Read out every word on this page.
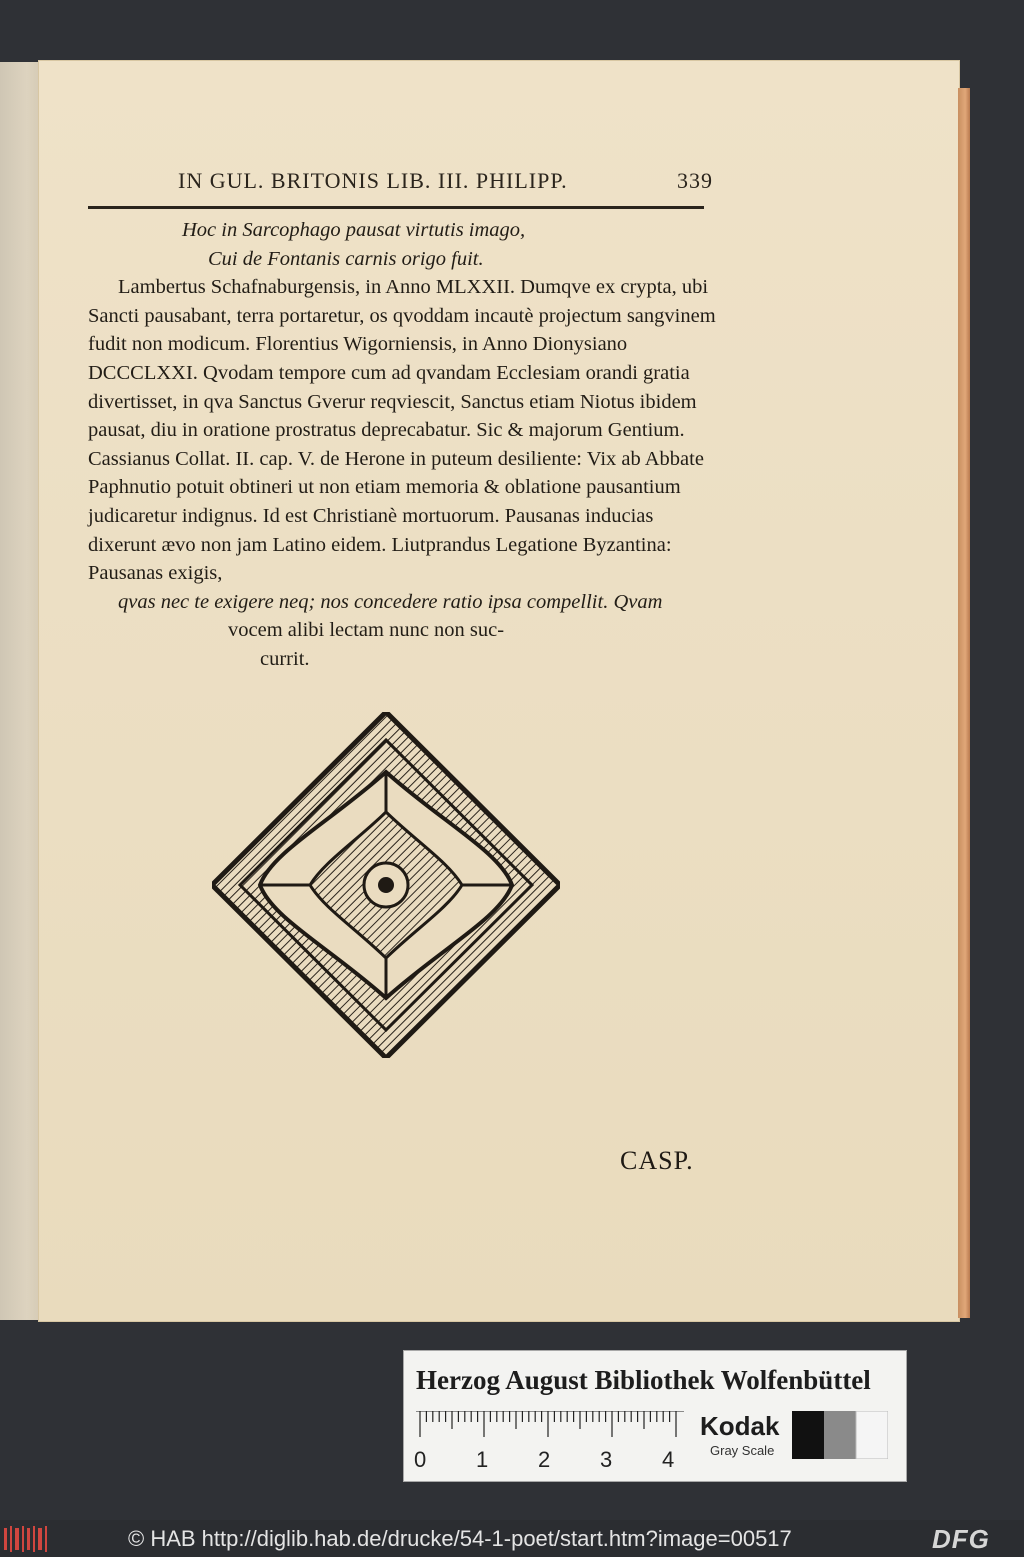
IN GUL. BRITONIS LIB. III. PHILIPP.	339
Hoc in Sarcophago pausat virtutis imago,
Cui de Fontanis carnis origo fuit.

Lambertus Schafnaburgensis, in Anno MLXXII. Dumqve ex crypta, ubi Sancti pausabant, terra portaretur, os qvoddam incautè projectum sangvinem fudit non modicum. Florentius Wigorniensis, in Anno Dionysiano DCCCLXXI. Qvodam tempore cum ad qvandam Ecclesiam orandi gratia divertisset, in qva Sanctus Gverur reqviescit, Sanctus etiam Niotus ibidem pausat, diu in oratione prostratus deprecabatur. Sic & majorum Gentium. Cassianus Collat. II. cap. V. de Herone in puteum desiliente: Vix ab Abbate Paphnutio potuit obtineri ut non etiam memoria & oblatione pausantium judicaretur indignus. Id est Christianè mortuorum. Pausanas inducias dixerunt ævo non jam Latino eidem. Liutprandus Legatione Byzantina: Pausanas exigis,

qvas nec te exigere neq; nos concedere ratio ipsa compellit. Qvam
vocem alibi lectam nunc non suc-
currit.
CASP.
Herzog August Bibliothek Wolfenbüttel
0 1 2 3 4
Kodak
Gray Scale
© HAB http://diglib.hab.de/drucke/54-1-poet/start.htm?image=00517	DFG
